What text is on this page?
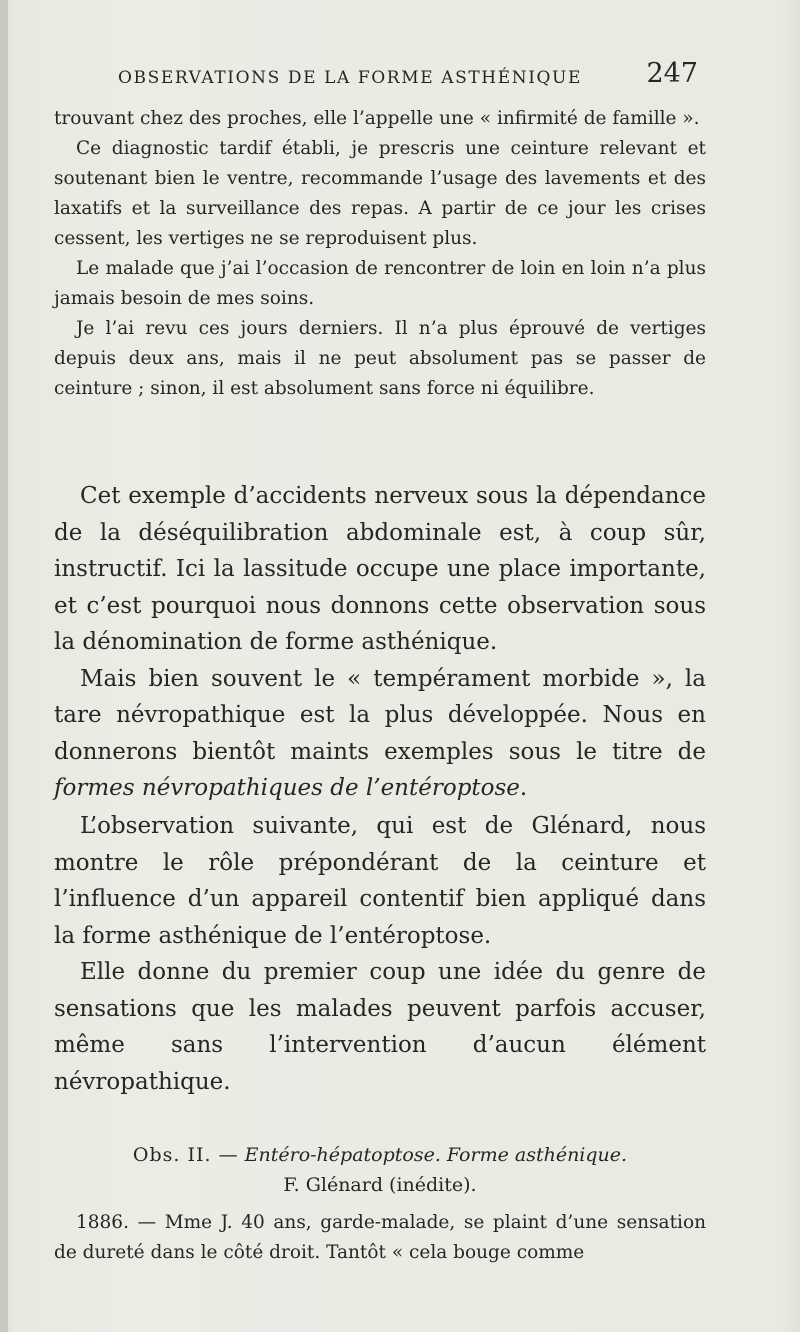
OBSERVATIONS DE LA FORME ASTHÉNIQUE 247

trouvant chez des proches, elle l’appelle une « infirmité de famille ».

Ce diagnostic tardif établi, je prescris une ceinture relevant et soutenant bien le ventre, recommande l’usage des lavements et des laxatifs et la surveillance des repas. A partir de ce jour les crises cessent, les vertiges ne se reproduisent plus.

Le malade que j’ai l’occasion de rencontrer de loin en loin n’a plus jamais besoin de mes soins.

Je l’ai revu ces jours derniers. Il n’a plus éprouvé de vertiges depuis deux ans, mais il ne peut absolument pas se passer de ceinture ; sinon, il est absolument sans force ni équilibre.

Cet exemple d’accidents nerveux sous la dépendance de la déséquilibration abdominale est, à coup sûr, instructif. Ici la lassitude occupe une place importante, et c’est pourquoi nous donnons cette observation sous la dénomination de forme asthénique.

Mais bien souvent le « tempérament morbide », la tare névropathique est la plus développée. Nous en donnerons bientôt maints exemples sous le titre de formes névropathiques de l’entéroptose.

L’observation suivante, qui est de Glénard, nous montre le rôle prépondérant de la ceinture et l’influence d’un appareil contentif bien appliqué dans la forme asthénique de l’entéroptose.

Elle donne du premier coup une idée du genre de sensations que les malades peuvent parfois accuser, même sans l’intervention d’aucun élément névropathique.

Obs. II. — Entéro-hépatoptose. Forme asthénique.
F. Glénard (inédite).

1886. — Mme J. 40 ans, garde-malade, se plaint d’une sensation de dureté dans le côté droit. Tantôt « cela bouge comme
